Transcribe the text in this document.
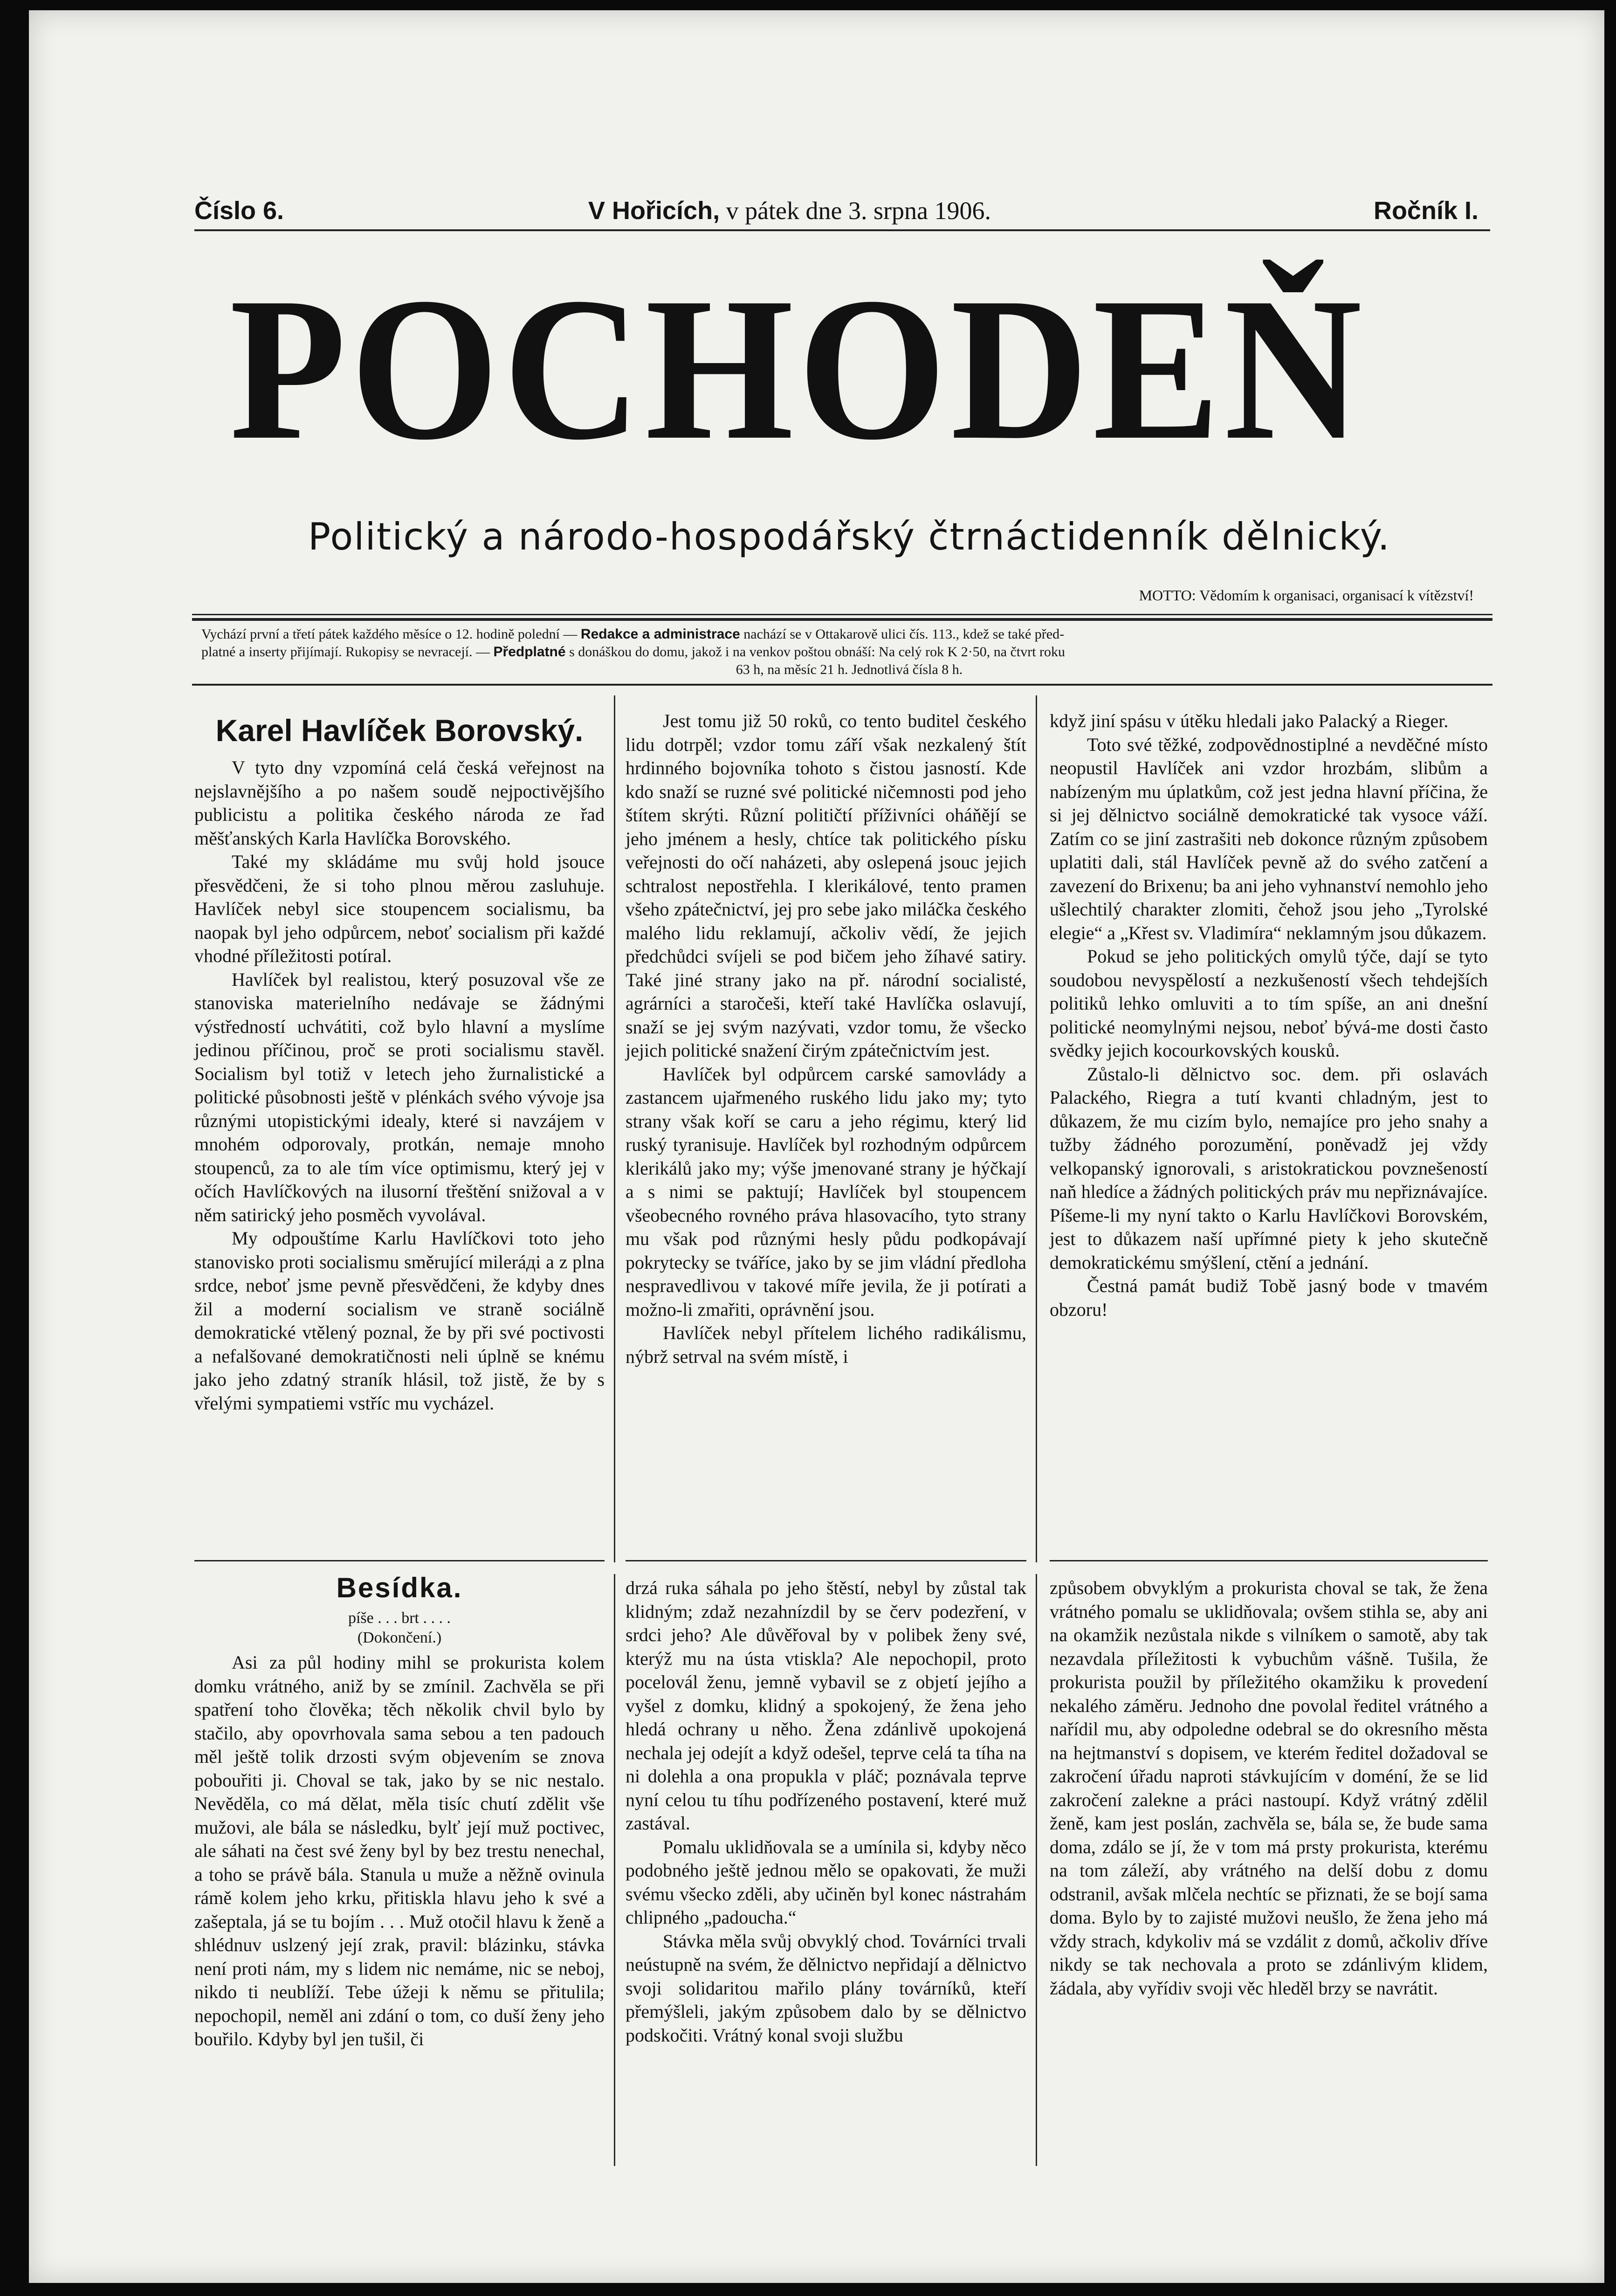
Číslo 6.	V Hořicích, v pátek dne 3. srpna 1906.	Ročník I.
POCHODEŇ
Politický a národo-hospodářský čtrnáctidenník dělnický.
MOTTO: Vědomím k organisaci, organisací k vítězství!
Vychází první a třetí pátek každého měsíce o 12. hodině polední — Redakce a administrace nachází se v Ottakarově ulici čís. 113., kdež se také před-
platné a inserty přijímají. Rukopisy se nevracejí. — Předplatné s donáškou do domu, jakož i na venkov poštou obnáší: Na celý rok K 2·50, na čtvrt roku
63 h, na měsíc 21 h. Jednotlivá čísla 8 h.
Karel Havlíček Borovský.

V tyto dny vzpomíná celá česká veřejnost na nejslavnějšího a po našem soudě nejpoctivějšího publicistu a politika českého národa ze řad měšťanských Karla Havlíčka Borovského.

Také my skládáme mu svůj hold jsouce přesvědčeni, že si toho plnou měrou zasluhuje. Havlíček nebyl sice stoupencem socialismu, ba naopak byl jeho odpůrcem, neboť socialism při každé vhodné příležitosti potíral.

Havlíček byl realistou, který posuzoval vše ze stanoviska materielního nedávaje se žádnými výstředností uchvátiti, což bylo hlavní a myslíme jedinou příčinou, proč se proti socialismu stavěl. Socialism byl totiž v letech jeho žurnalistické a politické působnosti ještě v plénkách svého vývoje jsa různými utopistickými idealy, které si navzájem v mnohém odporovaly, protkán, nemaje mnoho stoupenců, za to ale tím více optimismu, který jej v očích Havlíčkových na ilusorní třeštění snižoval a v něm satirický jeho posměch vyvolával.

My odpouštíme Karlu Havlíčkovi toto jeho stanovisko proti socialismu směrující mileráді a z plna srdce, neboť jsme pevně přesvědčeni, že kdyby dnes žil a moderní socialism ve straně sociálně demokratické vtělený poznal, že by při své poctivosti a nefalšované demokratičnosti neli úplně se knému jako jeho zdatný straník hlásil, tož jistě, že by s vřelými sympatiemi vstříc mu vycházel.

Jest tomu již 50 roků, co tento buditel českého lidu dotrpěl; vzdor tomu září však nezkalený štít hrdinného bojovníka tohoto s čistou jasností. Kde kdo snaží se ruzné své politické ničemnosti pod jeho štítem skrýti. Různí političtí příživníci oháňějí se jeho jménem a hesly, chtíce tak politického písku veřejnosti do očí naházeti, aby oslepená jsouc jejich schtralost nepostřehla. I klerikálové, tento pramen všeho zpátečnictví, jej pro sebe jako miláčka českého malého lidu reklamují, ačkoliv vědí, že jejich předchůdci svíjeli se pod bičem jeho žíhavé satiry. Také jiné strany jako na př. národní socialisté, agrárníci a staročeši, kteří také Havlíčka oslavují, snaží se jej svým nazývati, vzdor tomu, že všecko jejich politické snažení čirým zpátečnictvím jest.

Havlíček byl odpůrcem carské samovlády a zastancem ujařmeného ruského lidu jako my; tyto strany však koří se caru a jeho régimu, který lid ruský tyranisuje. Havlíček byl rozhodným odpůrcem klerikálů jako my; výše jmenované strany je hýčkají a s nimi se paktují; Havlíček byl stoupencem všeobecného rovného práva hlasovacího, tyto strany mu však pod různými hesly půdu podkopávají pokrytecky se tváříce, jako by se jim vládní předloha nespravedlivou v takové míře jevila, že ji potírati a možno-li zmařiti, oprávnění jsou.

Havlíček nebyl přítelem lichého radikálismu, nýbrž setrval na svém místě, i

když jiní spásu v útěku hledali jako Palacký a Rieger.

Toto své těžké, zodpovědnostiplné a nevděčné místo neopustil Havlíček ani vzdor hrozbám, slibům a nabízeným mu úplatkům, což jest jedna hlavní příčina, že si jej dělnictvo sociálně demokratické tak vysoce váží. Zatím co se jiní zastrašiti neb dokonce různým způsobem uplatiti dali, stál Havlíček pevně až do svého zatčení a zavezení do Brixenu; ba ani jeho vyhnanství nemohlo jeho ušlechtilý charakter zlomiti, čehož jsou jeho „Tyrolské elegie“ a „Křest sv. Vladimíra“ neklamným jsou důkazem.

Pokud se jeho politických omylů týče, dají se tyto soudobou nevyspělostí a nezkušeností všech tehdejších politiků lehko omluviti a to tím spíše, an ani dnešní politické neomylnými nejsou, neboť bývá-me dosti často svědky jejich kocourkovských kousků.

Zůstalo-li dělnictvo soc. dem. při oslavách Palackého, Riegra a tutí kvanti chladným, jest to důkazem, že mu cizím bylo, nemajíce pro jeho snahy a tužby žádného porozumění, poněvadž jej vždy velkopanský ignorovali, s aristokratickou povznešeností naň hledíce a žádných politických práv mu nepřiznávajíce. Píšeme-li my nyní takto o Karlu Havlíčkovi Borovském, jest to důkazem naší upřímné piety k jeho skutečně demokratickému smýšlení, ctění a jednání.

Čestná památ budiž Tobě jasný bode v tmavém obzoru!

Besídka.
píše . . . brt . . . .
(Dokončení.)

Asi za půl hodiny mihl se prokurista kolem domku vrátného, aniž by se zmínil. Zachvěla se při spatření toho člověka; těch několik chvil bylo by stačilo, aby opovrhovala sama sebou a ten padouch měl ještě tolik drzosti svým objevením se znova pobouřiti ji. Choval se tak, jako by se nic nestalo. Nevěděla, co má dělat, měla tisíc chutí zdělit vše mužovi, ale bála se následku, bylť její muž poctivec, ale sáhati na čest své ženy byl by bez trestu nenechal, a toho se právě bála. Stanula u muže a něžně ovinula rámě kolem jeho krku, přitiskla hlavu jeho k své a zašeptala, já se tu bojím . . . Muž otočil hlavu k ženě a shlédnuv uslzený její zrak, pravil: blázinku, stávka není proti nám, my s lidem nic nemáme, nic se neboj, nikdo ti neublíží. Tebe úžeji k němu se přitulila; nepochopil, neměl ani zdání o tom, co duší ženy jeho bouřilo. Kdyby byl jen tušil, či

drzá ruka sáhala po jeho štěstí, nebyl by zůstal tak klidným; zdaž nezahnízdil by se červ podezření, v srdci jeho? Ale důvěřoval by v polibek ženy své, kterýž mu na ústa vtiskla? Ale nepochopil, proto pocelovál ženu, jemně vybavil se z objetí jejího a vyšel z domku, klidný a spokojený, že žena jeho hledá ochrany u něho. Žena zdánlivě upokojená nechala jej odejít a když odešel, teprve celá ta tíha na ni dolehla a ona propukla v pláč; poznávala teprve nyní celou tu tíhu podřízeného postavení, které muž zastával.

Pomalu uklidňovala se a umínila si, kdyby něco podobného ještě jednou mělo se opakovati, že muži svému všecko zděli, aby učiněn byl konec nástrahám chlipného „padoucha.“

Stávka měla svůj obvyklý chod. Továrníci trvali neústupně na svém, že dělnictvo nepřidají a dělnictvo svoji solidaritou mařilo plány továrníků, kteří přemýšleli, jakým způsobem dalo by se dělnictvo podskočiti. Vrátný konal svoji službu

způsobem obvyklým a prokurista choval se tak, že žena vrátného pomalu se uklidňovala; ovšem stihla se, aby ani na okamžik nezůstala nikde s vilníkem o samotě, aby tak nezavdala příležitosti k vybuchům vášně. Tušila, že prokurista použil by příležitého okamžiku k provedení nekalého záměru. Jednoho dne povolal ředitel vrátného a nařídil mu, aby odpoledne odebral se do okresního města na hejtmanství s dopisem, ve kterém ředitel dožadoval se zakročení úřadu naproti stávkujícím v doméní, že se lid zakročení zalekne a práci nastoupí. Když vrátný zdělil ženě, kam jest poslán, zachvěla se, bála se, že bude sama doma, zdálo se jí, že v tom má prsty prokurista, kterému na tom záleží, aby vrátného na delší dobu z domu odstranil, avšak mlčela nechtíc se přiznati, že se bojí sama doma. Bylo by to zajisté mužovi neušlo, že žena jeho má vždy strach, kdykoliv má se vzdálit z domů, ačkoliv dříve nikdy se tak nechovala a proto se zdánlivým klidem, žádala, aby vyřídiv svoji věc hleděl brzy se navrátit.
